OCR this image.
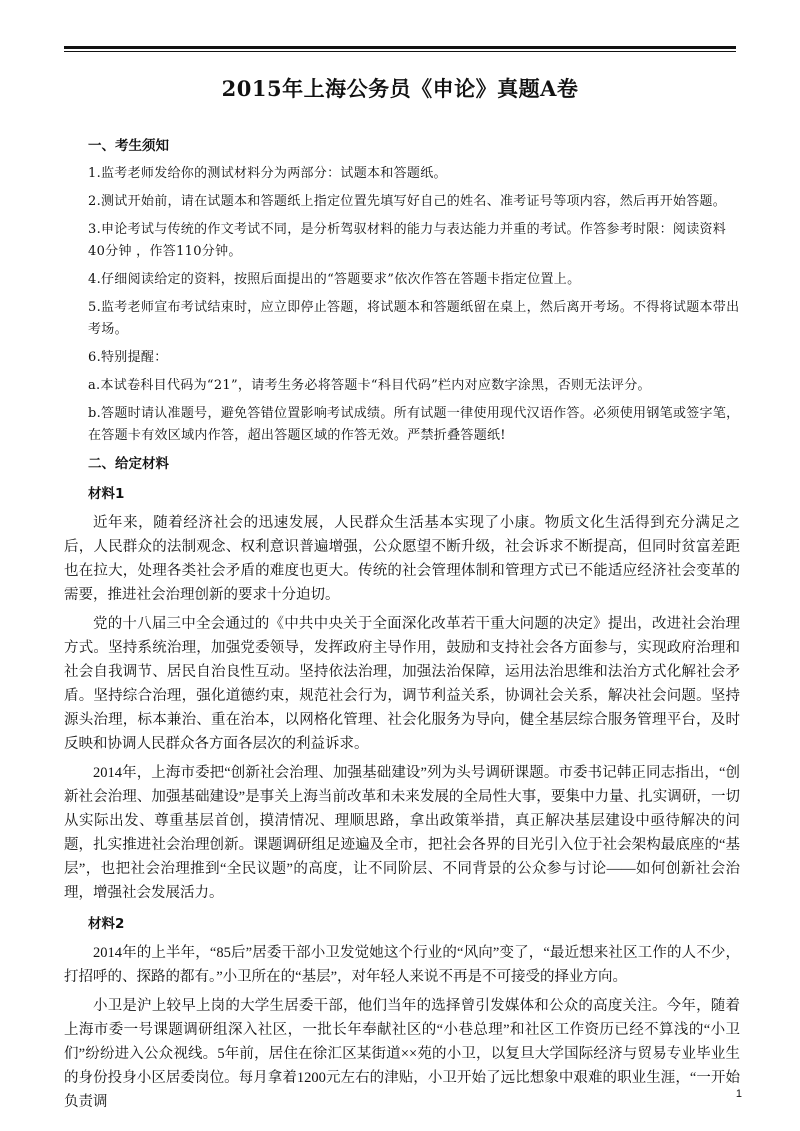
2015年上海公务员《申论》真题A卷
一、考生须知

1.监考老师发给你的测试材料分为两部分：试题本和答题纸。

2.测试开始前，请在试题本和答题纸上指定位置先填写好自己的姓名、准考证号等项内容，然后再开始答题。

3.申论考试与传统的作文考试不同，是分析驾驭材料的能力与表达能力并重的考试。作答参考时限：阅读资料40分钟 ，作答110分钟。

4.仔细阅读给定的资料，按照后面提出的“答题要求”依次作答在答题卡指定位置上。

5.监考老师宣布考试结束时，应立即停止答题，将试题本和答题纸留在桌上，然后离开考场。不得将试题本带出考场。

6.特别提醒：

a.本试卷科目代码为“21”，请考生务必将答题卡“科目代码”栏内对应数字涂黑，否则无法评分。

b.答题时请认准题号，避免答错位置影响考试成绩。所有试题一律使用现代汉语作答。必须使用钢笔或签字笔，在答题卡有效区域内作答，超出答题区域的作答无效。严禁折叠答题纸!

二、给定材料
材料1

近年来，随着经济社会的迅速发展，人民群众生活基本实现了小康。物质文化生活得到充分满足之后，人民群众的法制观念、权利意识普遍增强，公众愿望不断升级，社会诉求不断提高，但同时贫富差距也在拉大，处理各类社会矛盾的难度也更大。传统的社会管理体制和管理方式已不能适应经济社会变革的需要，推进社会治理创新的要求十分迫切。

党的十八届三中全会通过的《中共中央关于全面深化改革若干重大问题的决定》提出，改进社会治理方式。坚持系统治理，加强党委领导，发挥政府主导作用，鼓励和支持社会各方面参与，实现政府治理和社会自我调节、居民自治良性互动。坚持依法治理，加强法治保障，运用法治思维和法治方式化解社会矛盾。坚持综合治理，强化道德约束，规范社会行为，调节利益关系，协调社会关系，解决社会问题。坚持源头治理，标本兼治、重在治本，以网格化管理、社会化服务为导向，健全基层综合服务管理平台，及时反映和协调人民群众各方面各层次的利益诉求。

2014年，上海市委把“创新社会治理、加强基础建设”列为头号调研课题。市委书记韩正同志指出，“创新社会治理、加强基础建设”是事关上海当前改革和未来发展的全局性大事，要集中力量、扎实调研，一切从实际出发、尊重基层首创，摸清情况、理顺思路，拿出政策举措，真正解决基层建设中亟待解决的问题，扎实推进社会治理创新。课题调研组足迹遍及全市，把社会各界的目光引入位于社会架构最底座的“基层”，也把社会治理推到“全民议题”的高度，让不同阶层、不同背景的公众参与讨论——如何创新社会治理，增强社会发展活力。

材料2

2014年的上半年，“85后”居委干部小卫发觉她这个行业的“风向”变了，“最近想来社区工作的人不少，打招呼的、探路的都有。”小卫所在的“基层”，对年轻人来说不再是不可接受的择业方向。

小卫是沪上较早上岗的大学生居委干部，他们当年的选择曾引发媒体和公众的高度关注。今年，随着上海市委一号课题调研组深入社区，一批长年奉献社区的“小巷总理”和社区工作资历已经不算浅的“小卫们”纷纷进入公众视线。5年前，居住在徐汇区某街道××苑的小卫，以复旦大学国际经济与贸易专业毕业生的身份投身小区居委岗位。每月拿着1200元左右的津贴，小卫开始了远比想象中艰难的职业生涯，“一开始负责调	1
